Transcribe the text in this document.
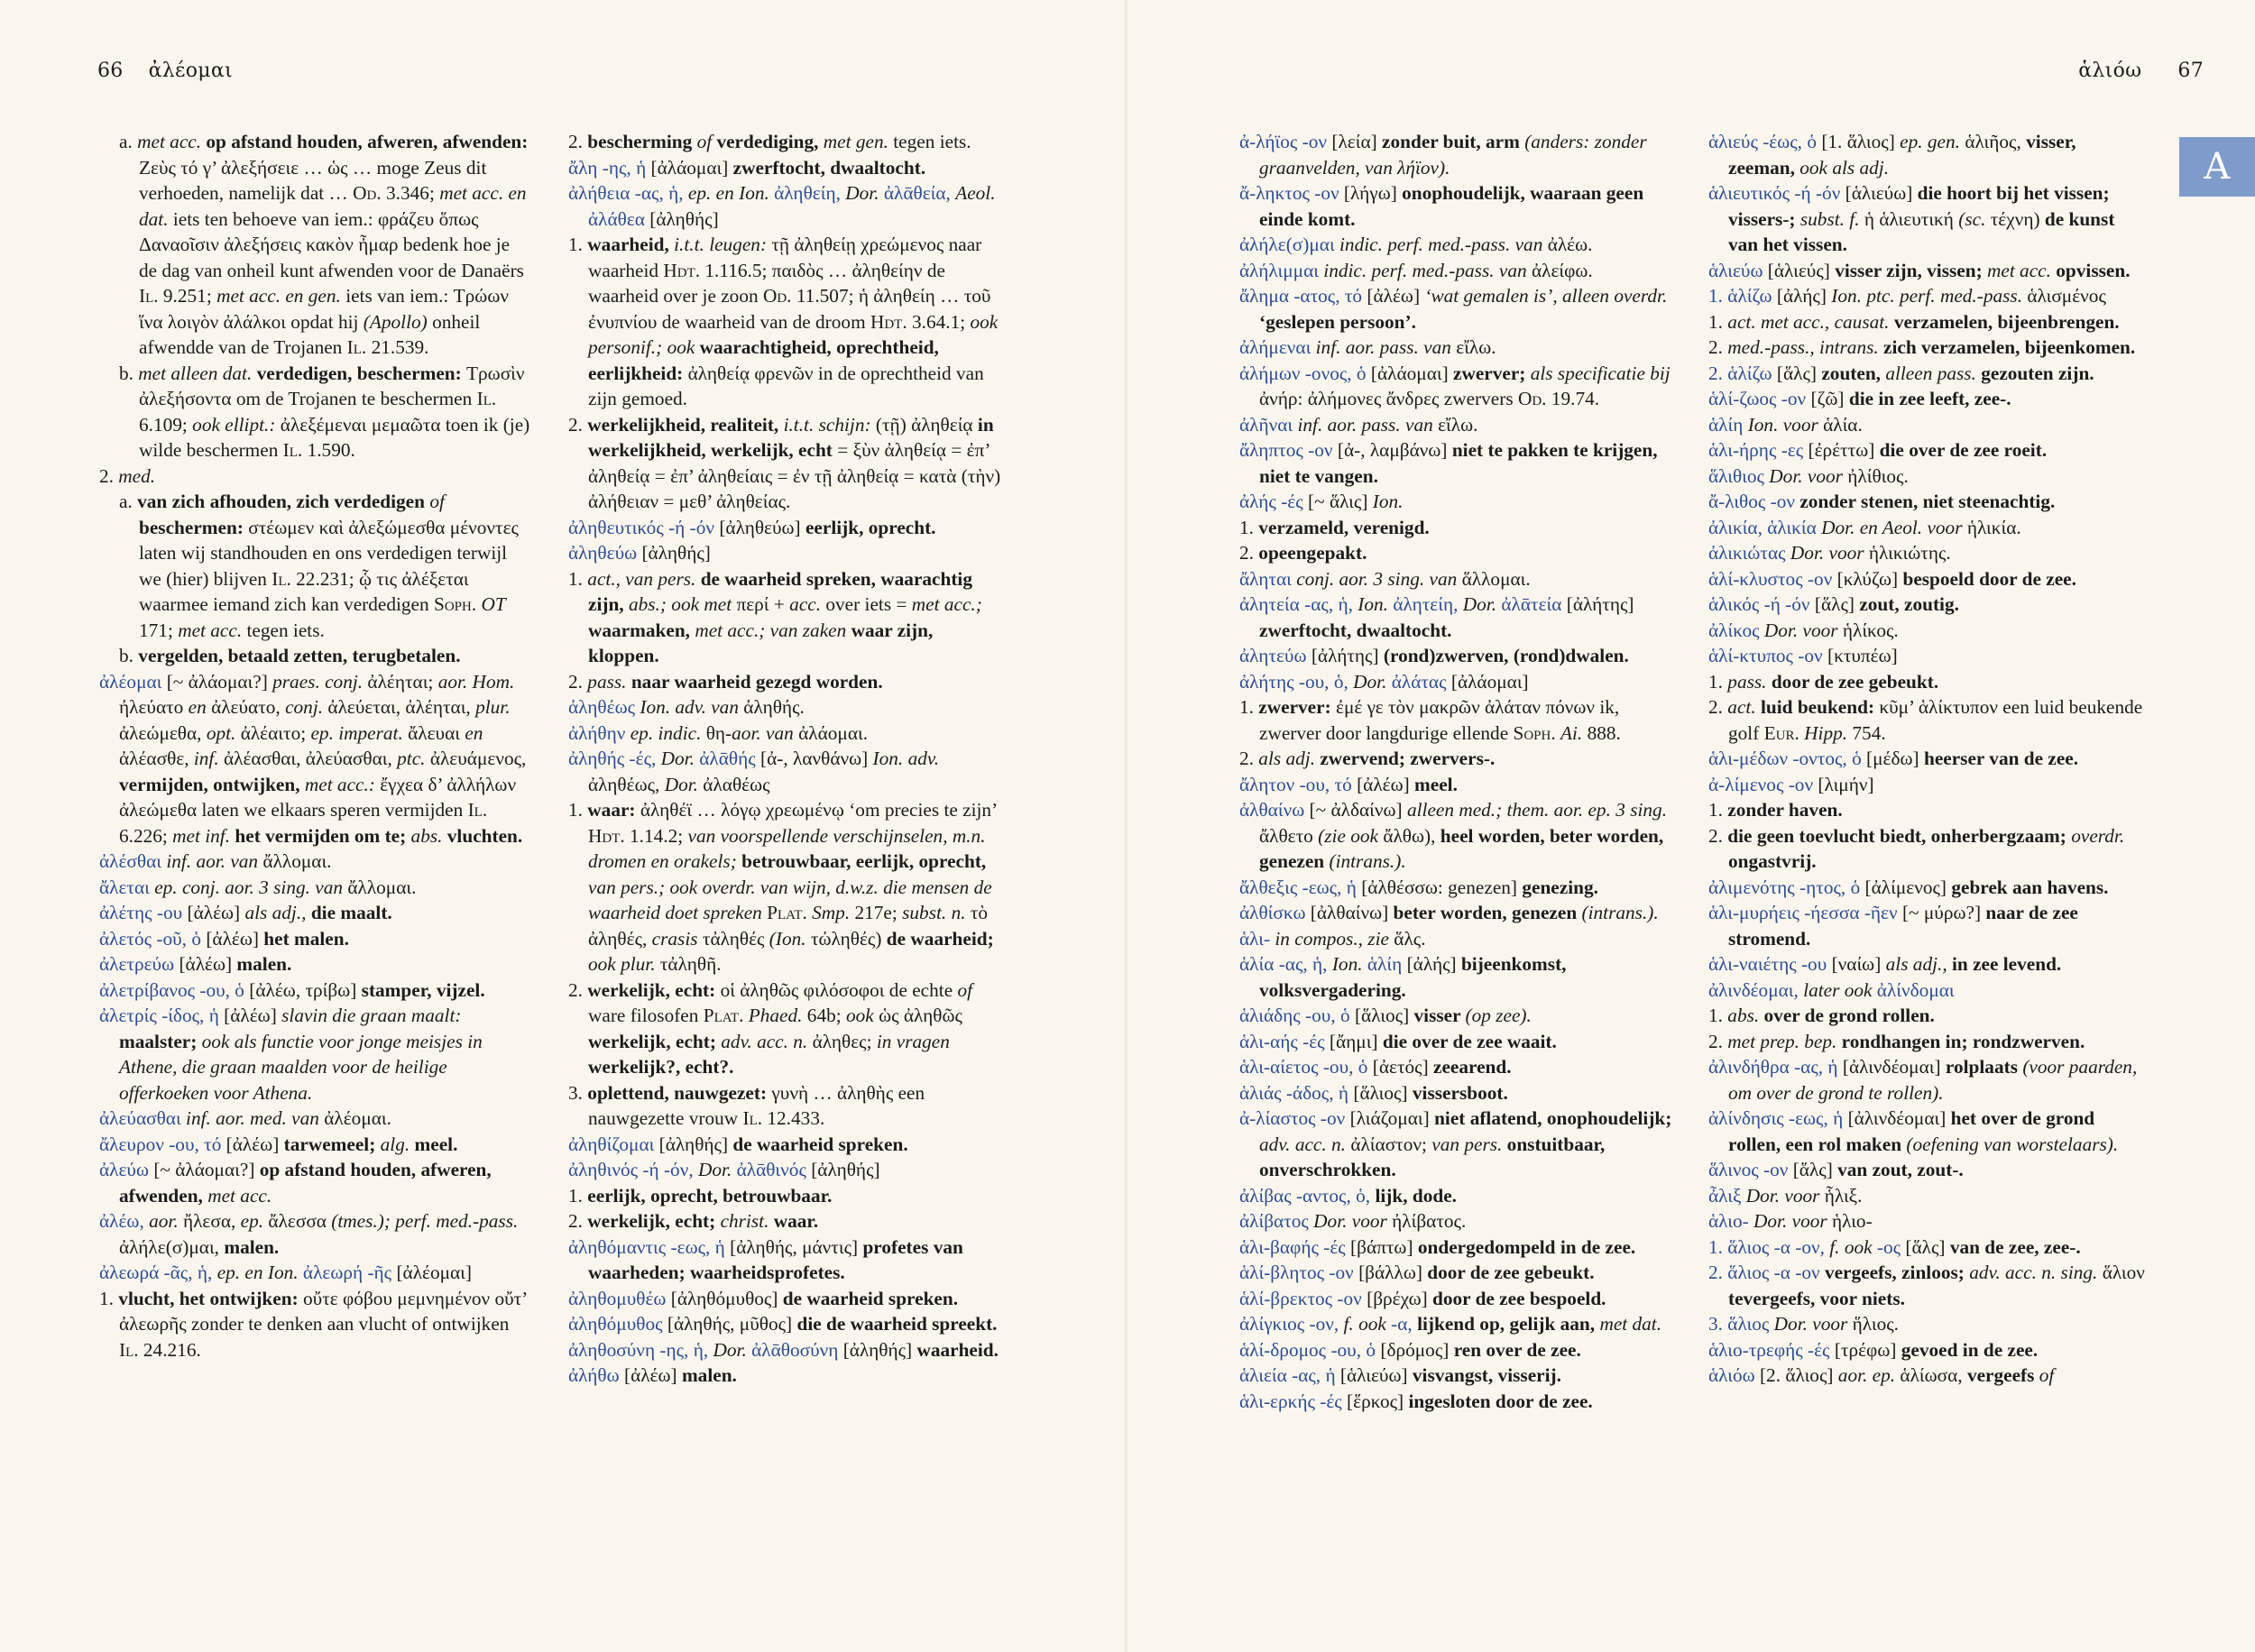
66 ἀλέομαι

a. met acc. op afstand houden, afweren, afwenden: Ζεὺς τό γ’ ἀλεξήσειε … ὡς … moge Zeus dit verhoeden, namelijk dat … Od. 3.346; met acc. en dat. iets ten behoeve van iem.: φράζευ ὅπως Δαναοῖσιν ἀλεξήσεις κακὸν ἦμαρ bedenk hoe je de dag van onheil kunt afwenden voor de Danaërs Il. 9.251; met acc. en gen. iets van iem.: Τρώων ἵνα λοιγὸν ἀλάλκοι opdat hij (Apollo) onheil afwendde van de Trojanen Il. 21.539.

b. met alleen dat. verdedigen, beschermen: Τρωσὶν ἀλεξήσοντα om de Trojanen te beschermen Il. 6.109; ook ellipt.: ἀλεξέμεναι μεμαῶτα toen ik (je) wilde beschermen Il. 1.590.

2. med.

a. van zich afhouden, zich verdedigen of beschermen: στέωμεν καὶ ἀλεξώμεσθα μένοντες laten wij standhouden en ons verdedigen terwijl we (hier) blijven Il. 22.231; ᾧ τις ἀλέξεται waarmee iemand zich kan verdedigen Soph. OT 171; met acc. tegen iets.

b. vergelden, betaald zetten, terugbetalen.

ἀλέομαι [~ ἀλάομαι?] praes. conj. ἀλέηται; aor. Hom. ἠλεύατο en ἀλεύατο, conj. ἀλεύεται, ἀλέηται, plur. ἀλεώμεθα, opt. ἀλέαιτο; ep. imperat. ἄλευαι en ἀλέασθε, inf. ἀλέασθαι, ἀλεύασθαι, ptc. ἀλευάμενος, vermijden, ontwijken, met acc.: ἔγχεα δ’ ἀλλήλων ἀλεώμεθα laten we elkaars speren vermijden Il. 6.226; met inf. het vermijden om te; abs. vluchten.

ἀλέσθαι inf. aor. van ἄλλομαι.

ἄλεται ep. conj. aor. 3 sing. van ἄλλομαι.

ἀλέτης -ου [ἀλέω] als adj., die maalt.

ἀλετός -οῦ, ὁ [ἀλέω] het malen.

ἀλετρεύω [ἀλέω] malen.

ἀλετρίβανος -ου, ὁ [ἀλέω, τρίβω] stamper, vijzel.

ἀλετρίς -ίδος, ἡ [ἀλέω] slavin die graan maalt: maalster; ook als functie voor jonge meisjes in Athene, die graan maalden voor de heilige offerkoeken voor Athena.

ἀλεύασθαι inf. aor. med. van ἀλέομαι.

ἄλευρον -ου, τό [ἀλέω] tarwemeel; alg. meel.

ἀλεύω [~ ἀλάομαι?] op afstand houden, afweren, afwenden, met acc.

ἀλέω, aor. ἤλεσα, ep. ἄλεσσα (tmes.); perf. med.-pass. ἀλήλε(σ)μαι, malen.

ἀλεωρά -ᾶς, ἡ, ep. en Ion. ἀλεωρή -ῆς [ἀλέομαι]

1. vlucht, het ontwijken: οὔτε φόβου μεμνημένον οὔτ’ ἀλεωρῆς zonder te denken aan vlucht of ontwijken Il. 24.216.

2. bescherming of verdediging, met gen. tegen iets.

ἄλη -ης, ἡ [ἀλάομαι] zwerftocht, dwaaltocht.

ἀλήθεια -ας, ἡ, ep. en Ion. ἀληθείη, Dor. ἀλᾱθεία, Aeol. ἀλάθεα [ἀληθής]

1. waarheid, i.t.t. leugen: τῇ ἀληθείῃ χρεώμενος naar waarheid Hdt. 1.116.5; παιδὸς … ἀληθείην de waarheid over je zoon Od. 11.507; ἡ ἀληθείη … τοῦ ἐνυπνίου de waarheid van de droom Hdt. 3.64.1; ook personif.; ook waarachtigheid, oprechtheid, eerlijkheid: ἀληθείᾳ φρενῶν in de oprechtheid van zijn gemoed.

2. werkelijkheid, realiteit, i.t.t. schijn: (τῇ) ἀληθείᾳ in werkelijkheid, werkelijk, echt = ξὺν ἀληθείᾳ = ἐπ’ ἀληθείᾳ = ἐπ’ ἀληθείαις = ἐν τῇ ἀληθείᾳ = κατὰ (τὴν) ἀλήθειαν = μεθ’ ἀληθείας.

ἀληθευτικός -ή -όν [ἀληθεύω] eerlijk, oprecht.

ἀληθεύω [ἀληθής]

1. act., van pers. de waarheid spreken, waarachtig zijn, abs.; ook met περί + acc. over iets = met acc.; waarmaken, met acc.; van zaken waar zijn, kloppen.

2. pass. naar waarheid gezegd worden.

ἀληθέως Ion. adv. van ἀληθής.

ἀλήθην ep. indic. θη-aor. van ἀλάομαι.

ἀληθής -ές, Dor. ἀλᾱθής [ἀ-, λανθάνω] Ion. adv. ἀληθέως, Dor. ἀλαθέως

1. waar: ἀληθέϊ … λόγῳ χρεωμένῳ ‘om precies te zijn’ Hdt. 1.14.2; van voorspellende verschijnselen, m.n. dromen en orakels; betrouwbaar, eerlijk, oprecht, van pers.; ook overdr. van wijn, d.w.z. die mensen de waarheid doet spreken Plat. Smp. 217e; subst. n. τὸ ἀληθές, crasis τἀληθές (Ion. τὠληθές) de waarheid; ook plur. τἀληθῆ.

2. werkelijk, echt: οἱ ἀληθῶς φιλόσοφοι de echte of ware filosofen Plat. Phaed. 64b; ook ὡς ἀληθῶς werkelijk, echt; adv. acc. n. ἀληθες; in vragen werkelijk?, echt?.

3. oplettend, nauwgezet: γυνὴ … ἀληθὴς een nauwgezette vrouw Il. 12.433.

ἀληθίζομαι [ἀληθής] de waarheid spreken.

ἀληθινός -ή -όν, Dor. ἀλᾱθινός [ἀληθής]

1. eerlijk, oprecht, betrouwbaar.

2. werkelijk, echt; christ. waar.

ἀληθόμαντις -εως, ἡ [ἀληθής, μάντις] profetes van waarheden; waarheidsprofetes.

ἀληθομυθέω [ἀληθόμυθος] de waarheid spreken.

ἀληθόμυθος [ἀληθής, μῦθος] die de waarheid spreekt.

ἀληθοσύνη -ης, ἡ, Dor. ἀλᾱθοσύνη [ἀληθής] waarheid.

ἀλήθω [ἀλέω] malen.

ἁλιόω 67

ἀ-λήϊος -ον [λεία] zonder buit, arm (anders: zonder graanvelden, van λήϊον).

ἄ-ληκτος -ον [λήγω] onophoudelijk, waaraan geen einde komt.

ἀλήλε(σ)μαι indic. perf. med.-pass. van ἀλέω.

ἀλήλιμμαι indic. perf. med.-pass. van ἀλείφω.

ἄλημα -ατος, τό [ἀλέω] ‘wat gemalen is’, alleen overdr. ‘geslepen persoon’.

ἀλήμεναι inf. aor. pass. van εἴλω.

ἀλήμων -ονος, ὁ [ἀλάομαι] zwerver; als specificatie bij ἀνήρ: ἀλήμονες ἄνδρες zwervers Od. 19.74.

ἀλῆναι inf. aor. pass. van εἴλω.

ἄληπτος -ον [ἀ-, λαμβάνω] niet te pakken te krijgen, niet te vangen.

ἀλής -ές [~ ἅλις] Ion.

1. verzameld, verenigd.

2. opeengepakt.

ἄληται conj. aor. 3 sing. van ἅλλομαι.

ἀλητεία -ας, ἡ, Ion. ἀλητείη, Dor. ἀλᾱτεία [ἀλήτης] zwerftocht, dwaaltocht.

ἀλητεύω [ἀλήτης] (rond)zwerven, (rond)dwalen.

ἀλήτης -ου, ὁ, Dor. ἀλάτας [ἀλάομαι]

1. zwerver: ἐμέ γε τὸν μακρῶν ἀλάταν πόνων ik, zwerver door langdurige ellende Soph. Ai. 888.

2. als adj. zwervend; zwervers-.

ἄλητον -ου, τό [ἀλέω] meel.

ἀλθαίνω [~ ἀλδαίνω] alleen med.; them. aor. ep. 3 sing. ἄλθετο (zie ook ἄλθω), heel worden, beter worden, genezen (intrans.).

ἄλθεξις -εως, ἡ [ἀλθέσσω: genezen] genezing.

ἀλθίσκω [ἀλθαίνω] beter worden, genezen (intrans.).

ἁλι- in compos., zie ἅλς.

ἁλία -ας, ἡ, Ion. ἁλίη [ἀλής] bijeenkomst, volksvergadering.

ἁλιάδης -ου, ὁ [ἅλιος] visser (op zee).

ἁλι-αής -ές [ἄημι] die over de zee waait.

ἁλι-αίετος -ου, ὁ [ἀετός] zeearend.

ἁλιάς -άδος, ἡ [ἅλιος] vissersboot.

ἀ-λίαστος -ον [λιάζομαι] niet aflatend, onophoudelijk; adv. acc. n. ἀλίαστον; van pers. onstuitbaar, onverschrokken.

ἀλίβας -αντος, ὁ, lijk, dode.

ἀλίβατος Dor. voor ἠλίβατος.

ἁλι-βαφής -ές [βάπτω] ondergedompeld in de zee.

ἁλί-βλητος -ον [βάλλω] door de zee gebeukt.

ἁλί-βρεκτος -ον [βρέχω] door de zee bespoeld.

ἀλίγκιος -ον, f. ook -α, lijkend op, gelijk aan, met dat.

ἁλί-δρομος -ου, ὁ [δρόμος] ren over de zee.

ἁλιεία -ας, ἡ [ἁλιεύω] visvangst, visserij.

ἁλι-ερκής -ές [ἕρκος] ingesloten door de zee.

ἁλιεύς -έως, ὁ [1. ἅλιος] ep. gen. ἁλιῆος, visser, zeeman, ook als adj.

ἁλιευτικός -ή -όν [ἁλιεύω] die hoort bij het vissen; vissers-; subst. f. ἡ ἁλιευτική (sc. τέχνη) de kunst van het vissen.

ἁλιεύω [ἁλιεύς] visser zijn, vissen; met acc. opvissen.

1. ἁλίζω [ἀλής] Ion. ptc. perf. med.-pass. ἁλισμένος

1. act. met acc., causat. verzamelen, bijeenbrengen.

2. med.-pass., intrans. zich verzamelen, bijeenkomen.

2. ἁλίζω [ἅλς] zouten, alleen pass. gezouten zijn.

ἁλί-ζωος -ον [ζῶ] die in zee leeft, zee-.

ἁλίη Ion. voor ἁλία.

ἁλι-ήρης -ες [ἐρέττω] die over de zee roeit.

ἅλιθιος Dor. voor ἠλίθιος.

ἄ-λιθος -ον zonder stenen, niet steenachtig.

ἀλικία, ἁλικία Dor. en Aeol. voor ἡλικία.

ἀλικιώτας Dor. voor ἡλικιώτης.

ἁλί-κλυστος -ον [κλύζω] bespoeld door de zee.

ἁλικός -ή -όν [ἅλς] zout, zoutig.

ἀλίκος Dor. voor ἡλίκος.

ἁλί-κτυπος -ον [κτυπέω]

1. pass. door de zee gebeukt.

2. act. luid beukend: κῦμ’ ἁλίκτυπον een luid beukende golf Eur. Hipp. 754.

ἁλι-μέδων -οντος, ὁ [μέδω] heerser van de zee.

ἀ-λίμενος -ον [λιμήν]

1. zonder haven.

2. die geen toevlucht biedt, onherbergzaam; overdr. ongastvrij.

ἀλιμενότης -ητος, ὁ [ἀλίμενος] gebrek aan havens.

ἁλι-μυρήεις -ήεσσα -ῆεν [~ μύρω?] naar de zee stromend.

ἁλι-ναιέτης -ου [ναίω] als adj., in zee levend.

ἀλινδέομαι, later ook ἀλίνδομαι

1. abs. over de grond rollen.

2. met prep. bep. rondhangen in; rondzwerven.

ἀλινδήθρα -ας, ἡ [ἀλινδέομαι] rolplaats (voor paarden, om over de grond te rollen).

ἀλίνδησις -εως, ἡ [ἀλινδέομαι] het over de grond rollen, een rol maken (oefening van worstelaars).

ἅλινος -ον [ἅλς] van zout, zout-.

ἆλιξ Dor. voor ἧλιξ.

ἁλιο- Dor. voor ἡλιο-

1. ἅλιος -α -ον, f. ook -ος [ἅλς] van de zee, zee-.

2. ἅλιος -α -ον vergeefs, zinloos; adv. acc. n. sing. ἅλιον tevergeefs, voor niets.

3. ἅλιος Dor. voor ἥλιος.

ἁλιο-τρεφής -ές [τρέφω] gevoed in de zee.

ἁλιόω [2. ἅλιος] aor. ep. ἁλίωσα, vergeefs of

A
